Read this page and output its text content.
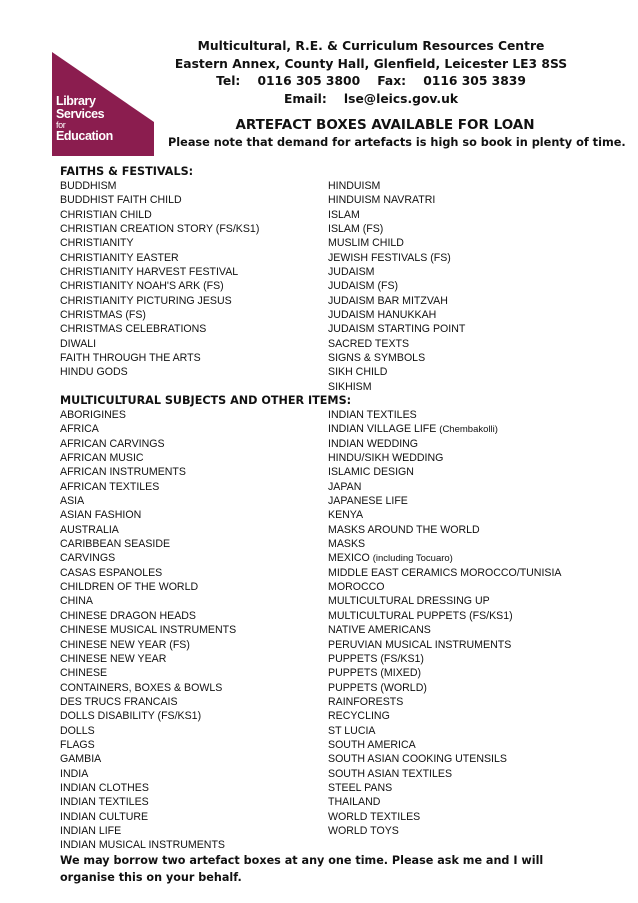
Library
Services
for
Education
Multicultural, R.E. & Curriculum Resources Centre
Eastern Annex, County Hall, Glenfield, Leicester LE3 8SS
Tel:    0116 305 3800    Fax:    0116 305 3839
Email:    lse@leics.gov.uk
ARTEFACT BOXES AVAILABLE FOR LOAN
Please note that demand for artefacts is high so book in plenty of time.
FAITHS & FESTIVALS:
BUDDHISM
BUDDHIST FAITH CHILD
CHRISTIAN CHILD
CHRISTIAN CREATION STORY (FS/KS1)
CHRISTIANITY
CHRISTIANITY EASTER
CHRISTIANITY HARVEST FESTIVAL
CHRISTIANITY NOAH'S ARK (FS)
CHRISTIANITY PICTURING JESUS
CHRISTMAS (FS)
CHRISTMAS CELEBRATIONS
DIWALI
FAITH THROUGH THE ARTS
HINDU GODS
HINDUISM
HINDUISM NAVRATRI
ISLAM
ISLAM (FS)
MUSLIM CHILD
JEWISH FESTIVALS (FS)
JUDAISM
JUDAISM (FS)
JUDAISM BAR MITZVAH
JUDAISM HANUKKAH
JUDAISM STARTING POINT
SACRED TEXTS
SIGNS & SYMBOLS
SIKH CHILD
SIKHISM
MULTICULTURAL SUBJECTS AND OTHER ITEMS:
ABORIGINES
AFRICA
AFRICAN CARVINGS
AFRICAN MUSIC
AFRICAN INSTRUMENTS
AFRICAN TEXTILES
ASIA
ASIAN FASHION
AUSTRALIA
CARIBBEAN SEASIDE
CARVINGS
CASAS ESPANOLES
CHILDREN OF THE WORLD
CHINA
CHINESE DRAGON HEADS
CHINESE MUSICAL INSTRUMENTS
CHINESE NEW YEAR (FS)
CHINESE NEW YEAR
CHINESE
CONTAINERS, BOXES & BOWLS
DES TRUCS FRANCAIS
DOLLS DISABILITY (FS/KS1)
DOLLS
FLAGS
GAMBIA
INDIA
INDIAN CLOTHES
INDIAN TEXTILES
INDIAN CULTURE
INDIAN LIFE
INDIAN MUSICAL INSTRUMENTS
INDIAN TEXTILES
INDIAN VILLAGE LIFE (Chembakolli)
INDIAN WEDDING
HINDU/SIKH WEDDING
ISLAMIC DESIGN
JAPAN
JAPANESE LIFE
KENYA
MASKS AROUND THE WORLD
MASKS
MEXICO (including Tocuaro)
MIDDLE EAST CERAMICS MOROCCO/TUNISIA
MOROCCO
MULTICULTURAL DRESSING UP
MULTICULTURAL PUPPETS (FS/KS1)
NATIVE AMERICANS
PERUVIAN MUSICAL INSTRUMENTS
PUPPETS (FS/KS1)
PUPPETS (MIXED)
PUPPETS (WORLD)
RAINFORESTS
RECYCLING
ST LUCIA
SOUTH AMERICA
SOUTH ASIAN COOKING UTENSILS
SOUTH ASIAN TEXTILES
STEEL PANS
THAILAND
WORLD TEXTILES
WORLD TOYS
We may borrow two artefact boxes at any one time. Please ask me and I will organise this on your behalf.
